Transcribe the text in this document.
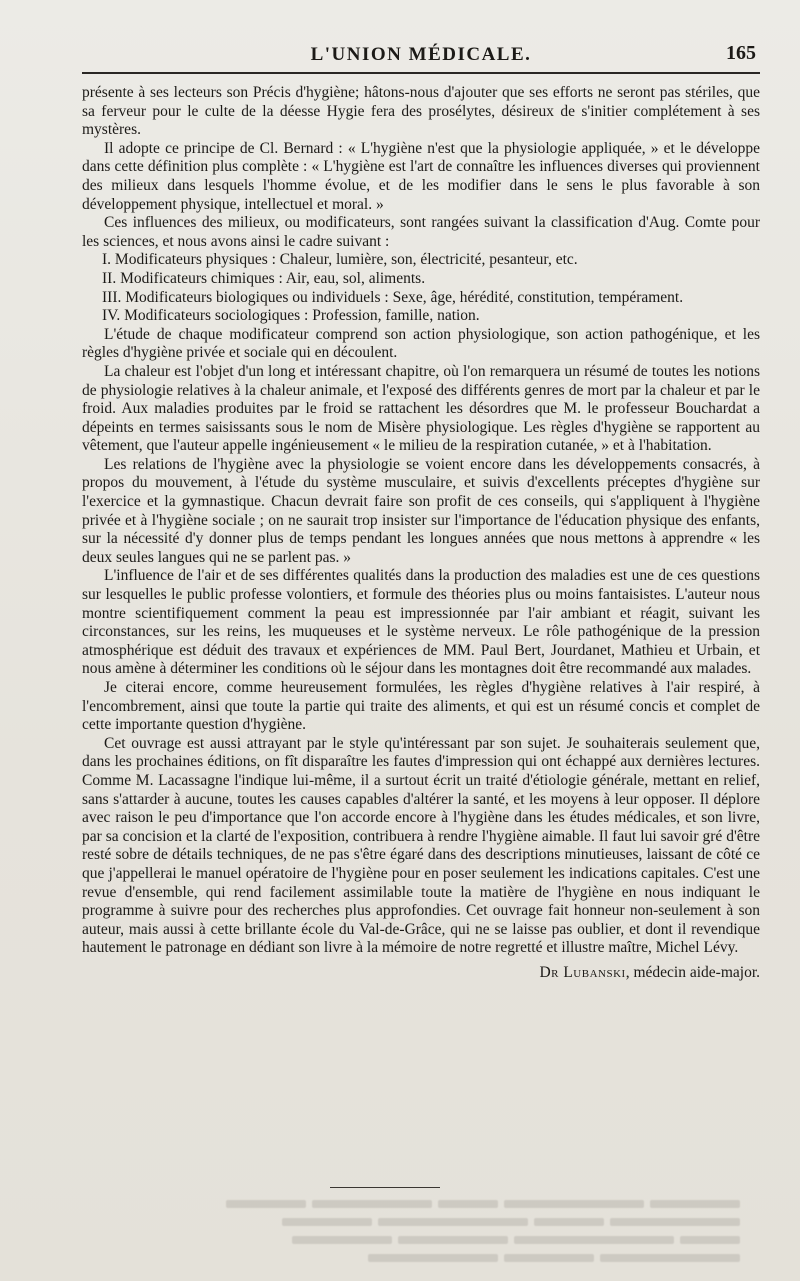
L'UNION MÉDICALE.	165

présente à ses lecteurs son Précis d'hygiène; hâtons-nous d'ajouter que ses efforts ne seront pas stériles, que sa ferveur pour le culte de la déesse Hygie fera des prosélytes, désireux de s'initier complétement à ses mystères.

Il adopte ce principe de Cl. Bernard : « L'hygiène n'est que la physiologie appliquée, » et le développe dans cette définition plus complète : « L'hygiène est l'art de connaître les influences diverses qui proviennent des milieux dans lesquels l'homme évolue, et de les modifier dans le sens le plus favorable à son développement physique, intellectuel et moral. »

Ces influences des milieux, ou modificateurs, sont rangées suivant la classification d'Aug. Comte pour les sciences, et nous avons ainsi le cadre suivant :

I. Modificateurs physiques : Chaleur, lumière, son, électricité, pesanteur, etc.

II. Modificateurs chimiques : Air, eau, sol, aliments.

III. Modificateurs biologiques ou individuels : Sexe, âge, hérédité, constitution, tempérament.

IV. Modificateurs sociologiques : Profession, famille, nation.

L'étude de chaque modificateur comprend son action physiologique, son action pathogénique, et les règles d'hygiène privée et sociale qui en découlent.

La chaleur est l'objet d'un long et intéressant chapitre, où l'on remarquera un résumé de toutes les notions de physiologie relatives à la chaleur animale, et l'exposé des différents genres de mort par la chaleur et par le froid. Aux maladies produites par le froid se rattachent les désordres que M. le professeur Bouchardat a dépeints en termes saisissants sous le nom de Misère physiologique. Les règles d'hygiène se rapportent au vêtement, que l'auteur appelle ingénieusement « le milieu de la respiration cutanée, » et à l'habitation.

Les relations de l'hygiène avec la physiologie se voient encore dans les développements consacrés, à propos du mouvement, à l'étude du système musculaire, et suivis d'excellents préceptes d'hygiène sur l'exercice et la gymnastique. Chacun devrait faire son profit de ces conseils, qui s'appliquent à l'hygiène privée et à l'hygiène sociale ; on ne saurait trop insister sur l'importance de l'éducation physique des enfants, sur la nécessité d'y donner plus de temps pendant les longues années que nous mettons à apprendre « les deux seules langues qui ne se parlent pas. »

L'influence de l'air et de ses différentes qualités dans la production des maladies est une de ces questions sur lesquelles le public professe volontiers, et formule des théories plus ou moins fantaisistes. L'auteur nous montre scientifiquement comment la peau est impressionnée par l'air ambiant et réagit, suivant les circonstances, sur les reins, les muqueuses et le système nerveux. Le rôle pathogénique de la pression atmosphérique est déduit des travaux et expériences de MM. Paul Bert, Jourdanet, Mathieu et Urbain, et nous amène à déterminer les conditions où le séjour dans les montagnes doit être recommandé aux malades.

Je citerai encore, comme heureusement formulées, les règles d'hygiène relatives à l'air respiré, à l'encombrement, ainsi que toute la partie qui traite des aliments, et qui est un résumé concis et complet de cette importante question d'hygiène.

Cet ouvrage est aussi attrayant par le style qu'intéressant par son sujet. Je souhaiterais seulement que, dans les prochaines éditions, on fît disparaître les fautes d'impression qui ont échappé aux dernières lectures. Comme M. Lacassagne l'indique lui-même, il a surtout écrit un traité d'étiologie générale, mettant en relief, sans s'attarder à aucune, toutes les causes capables d'altérer la santé, et les moyens à leur opposer. Il déplore avec raison le peu d'importance que l'on accorde encore à l'hygiène dans les études médicales, et son livre, par sa concision et la clarté de l'exposition, contribuera à rendre l'hygiène aimable. Il faut lui savoir gré d'être resté sobre de détails techniques, de ne pas s'être égaré dans des descriptions minutieuses, laissant de côté ce que j'appellerai le manuel opératoire de l'hygiène pour en poser seulement les indications capitales. C'est une revue d'ensemble, qui rend facilement assimilable toute la matière de l'hygiène en nous indiquant le programme à suivre pour des recherches plus approfondies. Cet ouvrage fait honneur non-seulement à son auteur, mais aussi à cette brillante école du Val-de-Grâce, qui ne se laisse pas oublier, et dont il revendique hautement le patronage en dédiant son livre à la mémoire de notre regretté et illustre maître, Michel Lévy.

Dr Lubanski, médecin aide-major.
